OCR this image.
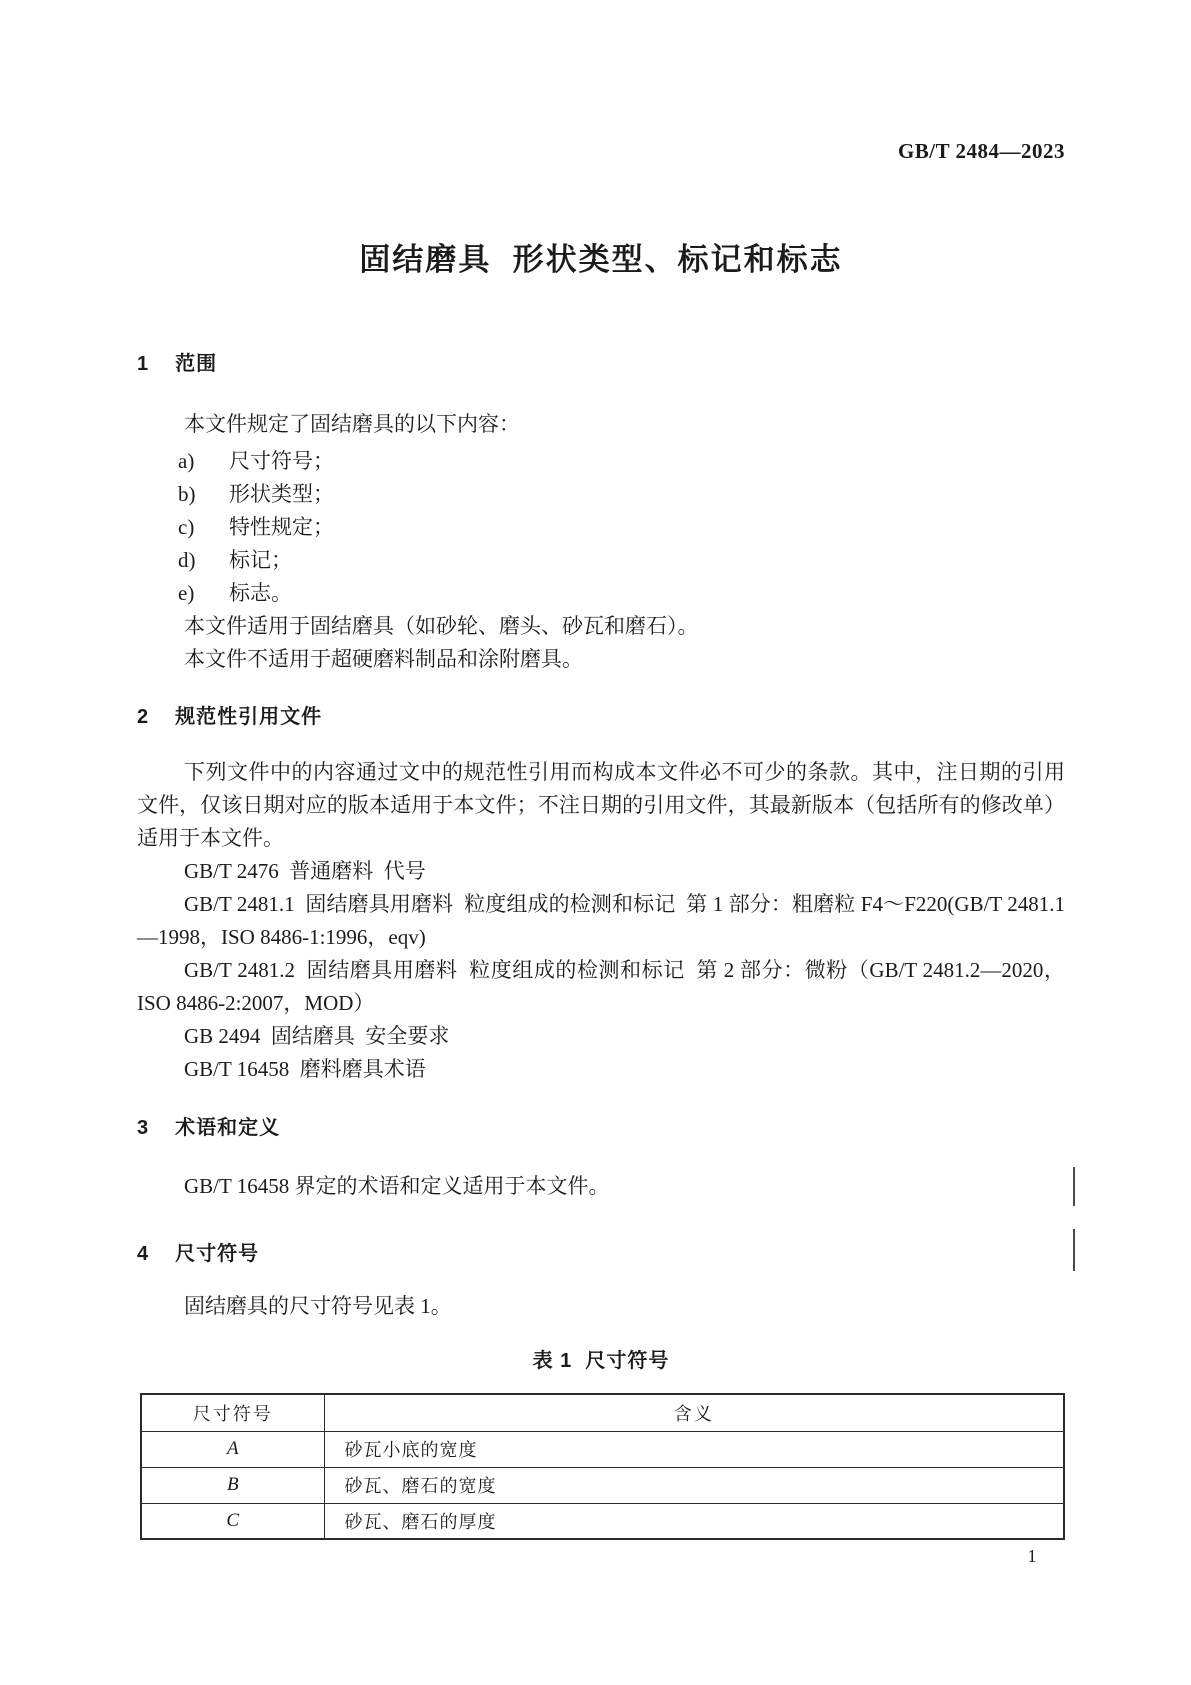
GB/T 2484—2023
固结磨具  形状类型、标记和标志
1 范围

本文件规定了固结磨具的以下内容：

a) 尺寸符号；
b) 形状类型；
c) 特性规定；
d) 标记；
e) 标志。

本文件适用于固结磨具（如砂轮、磨头、砂瓦和磨石）。

本文件不适用于超硬磨料制品和涂附磨具。

2 规范性引用文件

下列文件中的内容通过文中的规范性引用而构成本文件必不可少的条款。其中，注日期的引用文件，仅该日期对应的版本适用于本文件；不注日期的引用文件，其最新版本（包括所有的修改单）适用于本文件。

GB/T 2476  普通磨料  代号

GB/T 2481.1  固结磨具用磨料  粒度组成的检测和标记  第 1 部分：粗磨粒 F4～F220(GB/T 2481.1—1998，ISO 8486-1:1996，eqv)

GB/T 2481.2  固结磨具用磨料  粒度组成的检测和标记  第 2 部分：微粉（GB/T 2481.2—2020，ISO 8486-2:2007，MOD）

GB 2494  固结磨具  安全要求

GB/T 16458  磨料磨具术语

3 术语和定义

GB/T 16458 界定的术语和定义适用于本文件。

4 尺寸符号

固结磨具的尺寸符号见表 1。

表 1  尺寸符号
尺寸符号	含义
A	砂瓦小底的宽度
B	砂瓦、磨石的宽度
C	砂瓦、磨石的厚度
1
